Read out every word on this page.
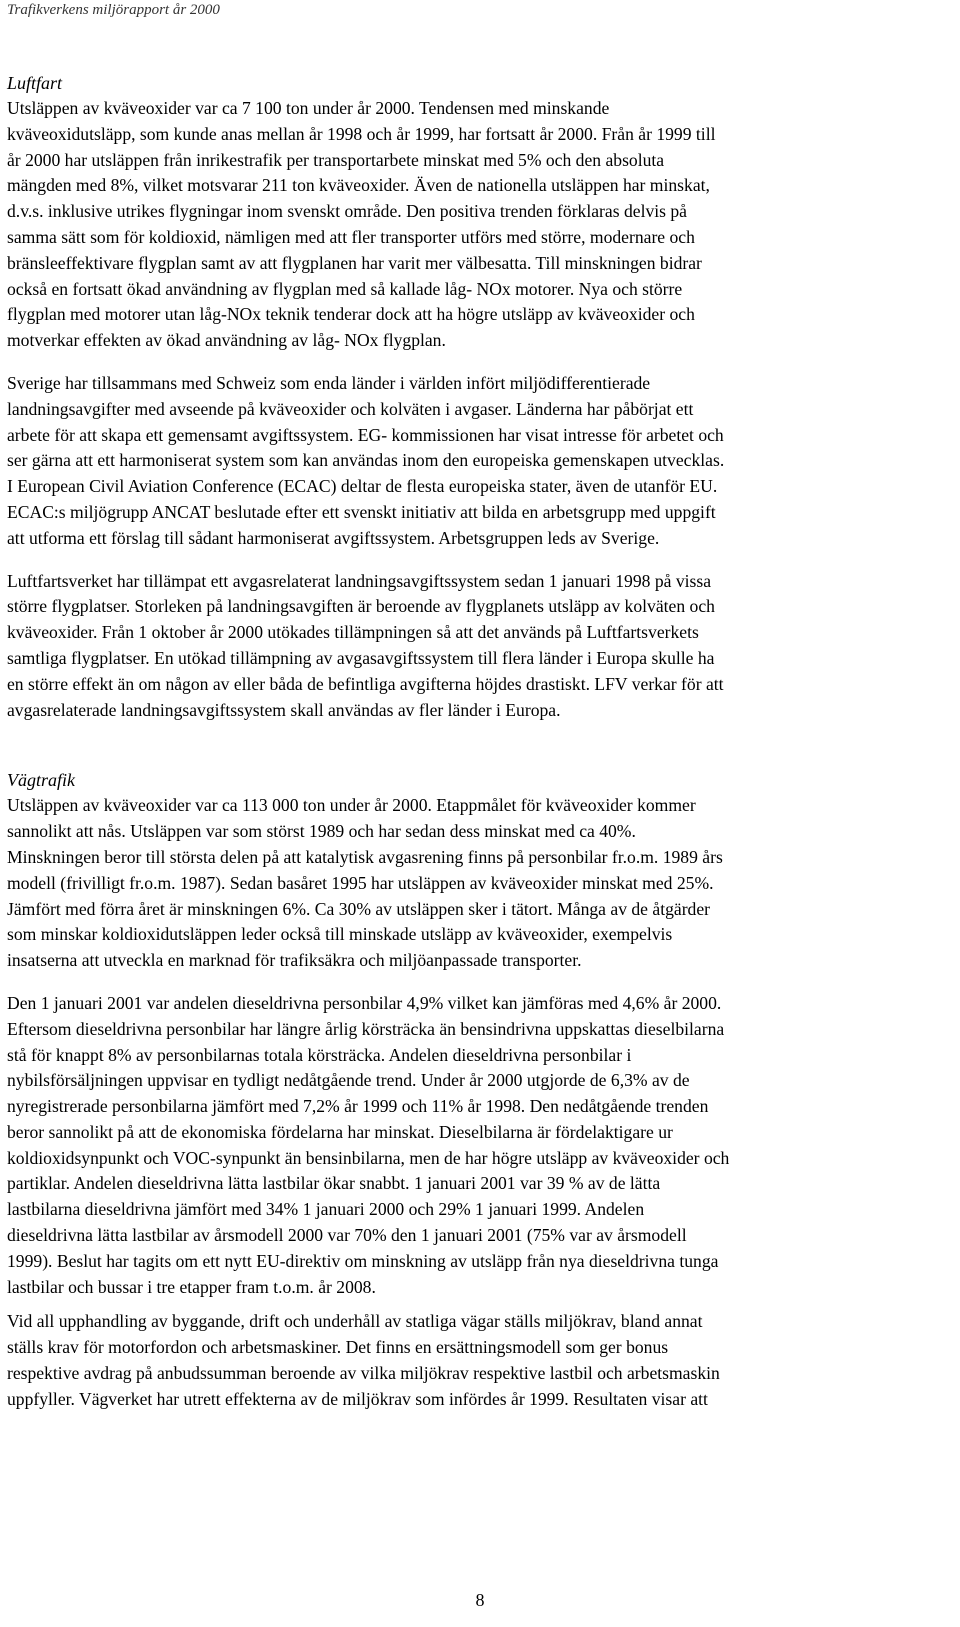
Trafikverkens miljörapport år 2000
Luftfart

Utsläppen av kväveoxider var ca 7 100 ton under år 2000. Tendensen med minskande
kväveoxidutsläpp, som kunde anas mellan år 1998 och år 1999, har fortsatt år 2000. Från år 1999 till
år 2000 har utsläppen från inrikestrafik per transportarbete minskat med 5% och den absoluta
mängden med 8%, vilket motsvarar 211 ton kväveoxider. Även de nationella utsläppen har minskat,
d.v.s. inklusive utrikes flygningar inom svenskt område. Den positiva trenden förklaras delvis på
samma sätt som för koldioxid, nämligen med att fler transporter utförs med större, modernare och
bränsleeffektivare flygplan samt av att flygplanen har varit mer välbesatta. Till minskningen bidrar
också en fortsatt ökad användning av flygplan med så kallade låg- NOx motorer. Nya och större
flygplan med motorer utan låg-NOx teknik tenderar dock att ha högre utsläpp av kväveoxider och
motverkar effekten av ökad användning av låg- NOx flygplan.

Sverige har tillsammans med Schweiz som enda länder i världen infört miljödifferentierade
landningsavgifter med avseende på kväveoxider och kolväten i avgaser. Länderna har påbörjat ett
arbete för att skapa ett gemensamt avgiftssystem. EG- kommissionen har visat intresse för arbetet och
ser gärna att ett harmoniserat system som kan användas inom den europeiska gemenskapen utvecklas.
I European Civil Aviation Conference (ECAC) deltar de flesta europeiska stater, även de utanför EU.
ECAC:s miljögrupp ANCAT beslutade efter ett svenskt initiativ att bilda en arbetsgrupp med uppgift
att utforma ett förslag till sådant harmoniserat avgiftssystem. Arbetsgruppen leds av Sverige.

Luftfartsverket har tillämpat ett avgasrelaterat landningsavgiftssystem sedan 1 januari 1998 på vissa
större flygplatser. Storleken på landningsavgiften är beroende av flygplanets utsläpp av kolväten och
kväveoxider. Från 1 oktober år 2000 utökades tillämpningen så att det används på Luftfartsverkets
samtliga flygplatser. En utökad tillämpning av avgasavgiftssystem till flera länder i Europa skulle ha
en större effekt än om någon av eller båda de befintliga avgifterna höjdes drastiskt. LFV verkar för att
avgasrelaterade landningsavgiftssystem skall användas av fler länder i Europa.

Vägtrafik

Utsläppen av kväveoxider var ca 113 000 ton under år 2000. Etappmålet för kväveoxider kommer
sannolikt att nås. Utsläppen var som störst 1989 och har sedan dess minskat med ca 40%.
Minskningen beror till största delen på att katalytisk avgasrening finns på personbilar fr.o.m. 1989 års
modell (frivilligt fr.o.m. 1987). Sedan basåret 1995 har utsläppen av kväveoxider minskat med 25%.
Jämfört med förra året är minskningen 6%. Ca 30% av utsläppen sker i tätort. Många av de åtgärder
som minskar koldioxidutsläppen leder också till minskade utsläpp av kväveoxider, exempelvis
insatserna att utveckla en marknad för trafiksäkra och miljöanpassade transporter.

Den 1 januari 2001 var andelen dieseldrivna personbilar 4,9% vilket kan jämföras med 4,6% år 2000.
Eftersom dieseldrivna personbilar har längre årlig körsträcka än bensindrivna uppskattas dieselbilarna
stå för knappt 8% av personbilarnas totala körsträcka. Andelen dieseldrivna personbilar i
nybilsförsäljningen uppvisar en tydligt nedåtgående trend. Under år 2000 utgjorde de 6,3% av de
nyregistrerade personbilarna jämfört med 7,2% år 1999 och 11% år 1998. Den nedåtgående trenden
beror sannolikt på att de ekonomiska fördelarna har minskat. Dieselbilarna är fördelaktigare ur
koldioxidsynpunkt och VOC-synpunkt än bensinbilarna, men de har högre utsläpp av kväveoxider och
partiklar. Andelen dieseldrivna lätta lastbilar ökar snabbt. 1 januari 2001 var 39 % av de lätta
lastbilarna dieseldrivna jämfört med 34% 1 januari 2000 och 29% 1 januari 1999. Andelen
dieseldrivna lätta lastbilar av årsmodell 2000 var 70% den 1 januari 2001 (75% var av årsmodell
1999). Beslut har tagits om ett nytt EU-direktiv om minskning av utsläpp från nya dieseldrivna tunga
lastbilar och bussar i tre etapper fram t.o.m. år 2008.

Vid all upphandling av byggande, drift och underhåll av statliga vägar ställs miljökrav, bland annat
ställs krav för motorfordon och arbetsmaskiner. Det finns en ersättningsmodell som ger bonus
respektive avdrag på anbudssumman beroende av vilka miljökrav respektive lastbil och arbetsmaskin
uppfyller. Vägverket har utrett effekterna av de miljökrav som infördes år 1999. Resultaten visar att

8
